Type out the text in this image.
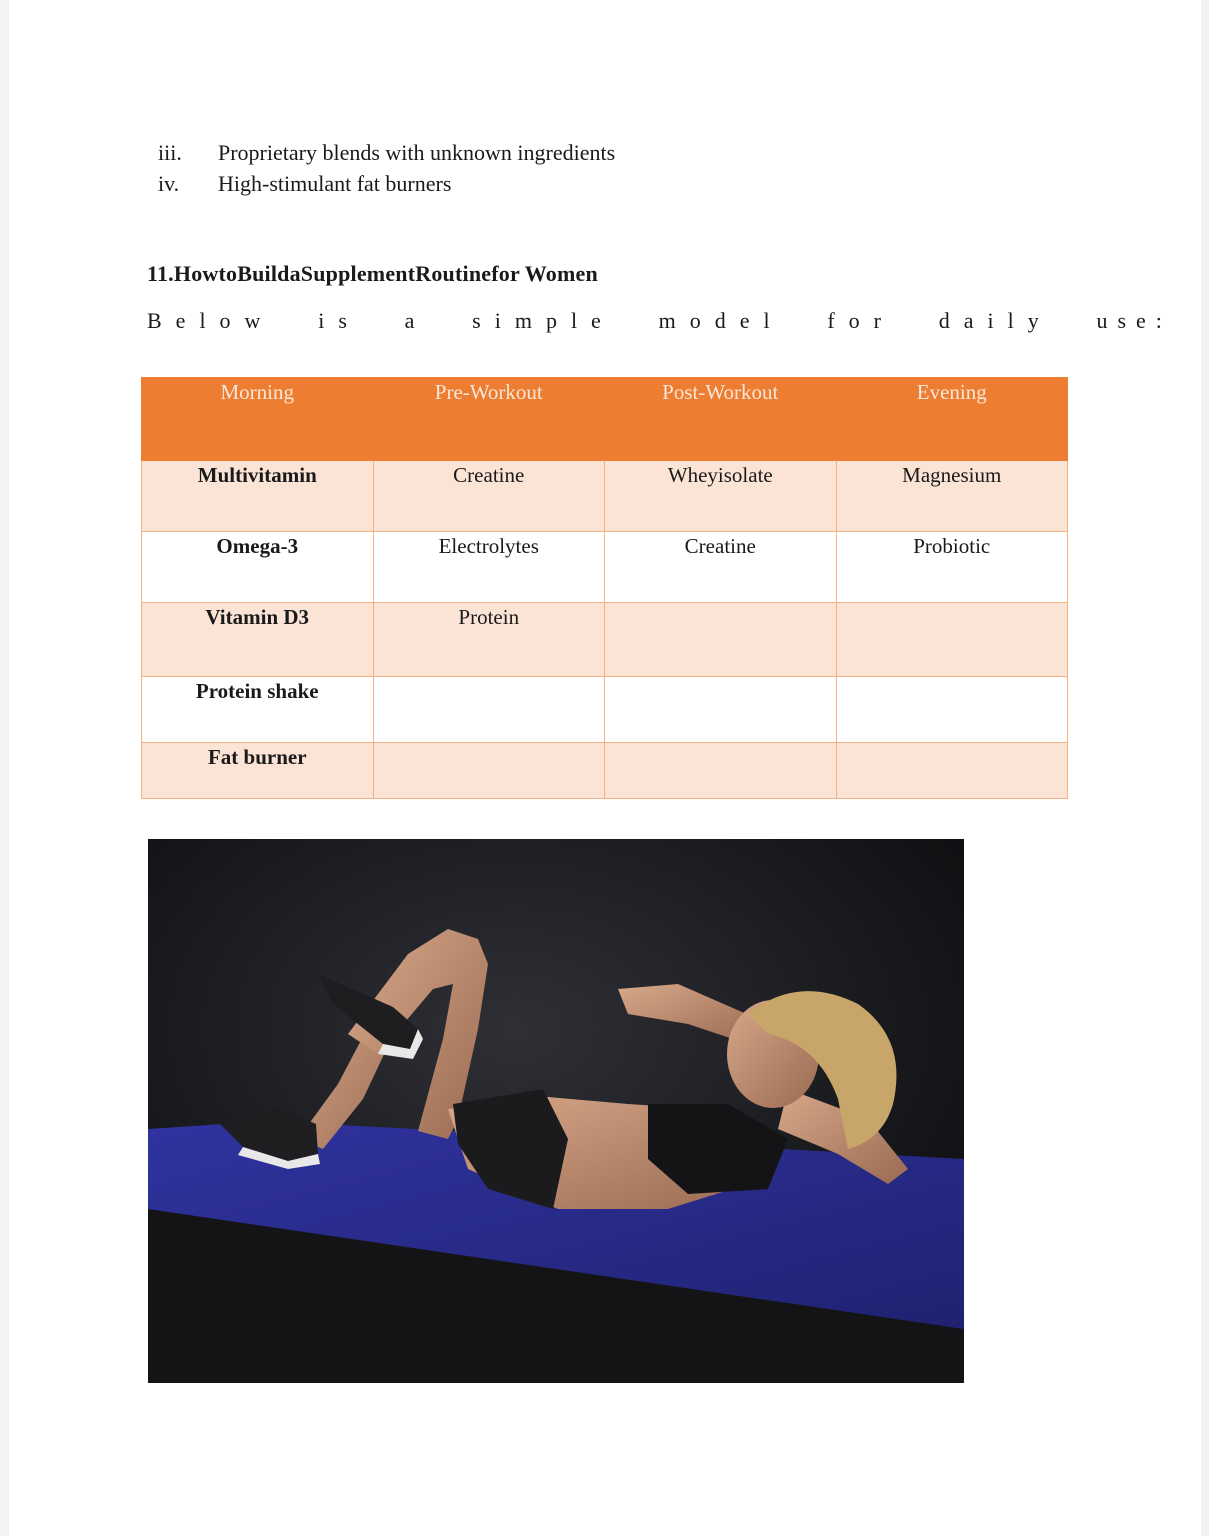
iii.	Proprietary blends with unknown ingredients
iv.	High-stimulant fat burners
11.HowtoBuildaSupplementRoutinefor Women
Below is a simple model for daily use:
Morning	Pre-Workout	Post-Workout	Evening
Multivitamin	Creatine	Wheyisolate	Magnesium
Omega-3	Electrolytes	Creatine	Probiotic
Vitamin D3	Protein		
Protein shake			
Fat burner			
